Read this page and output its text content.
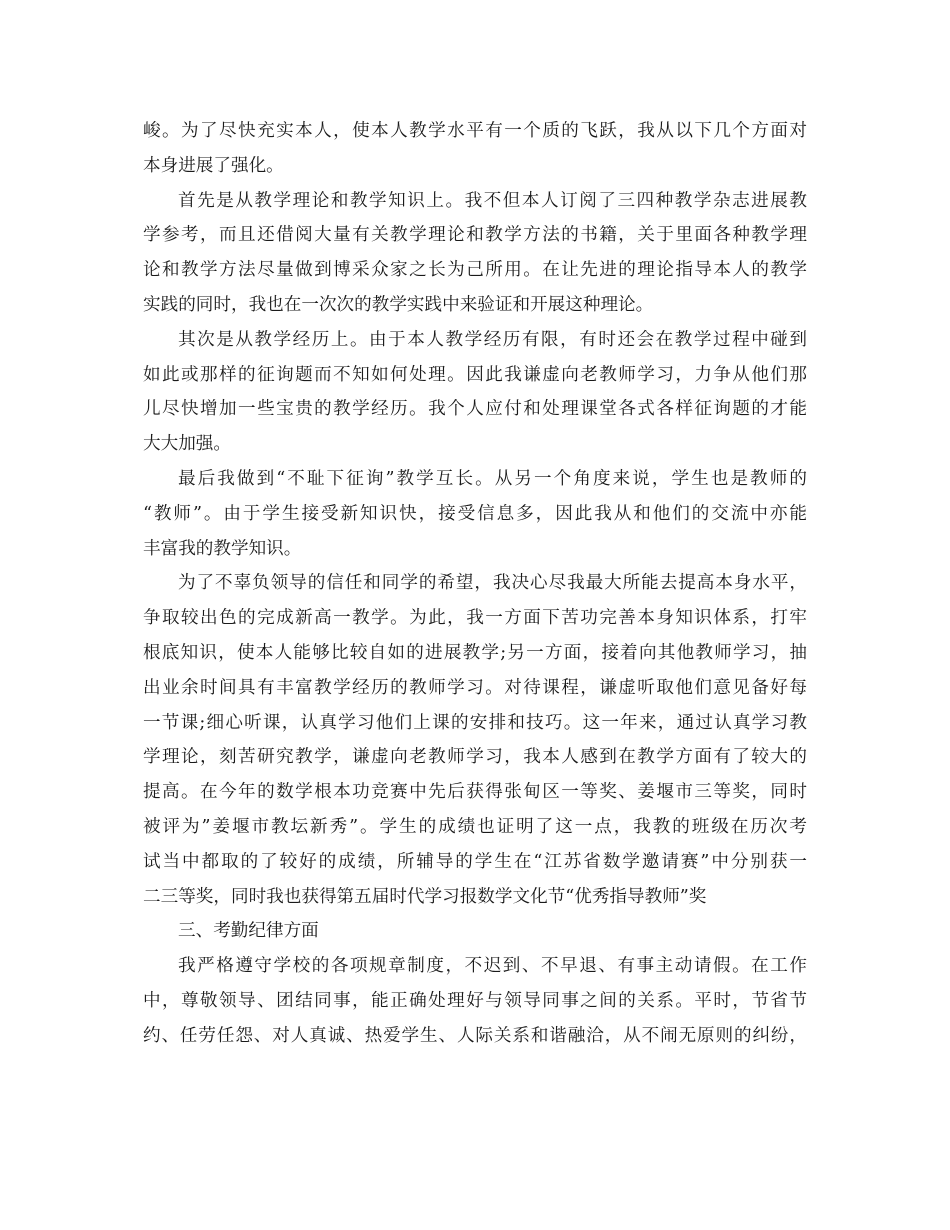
峻。为了尽快充实本人，使本人教学水平有一个质的飞跃，我从以下几个方面对
本身进展了强化。
首先是从教学理论和教学知识上。我不但本人订阅了三四种教学杂志进展教
学参考，而且还借阅大量有关教学理论和教学方法的书籍，关于里面各种教学理
论和教学方法尽量做到博采众家之长为己所用。在让先进的理论指导本人的教学
实践的同时，我也在一次次的教学实践中来验证和开展这种理论。
其次是从教学经历上。由于本人教学经历有限，有时还会在教学过程中碰到
如此或那样的征询题而不知如何处理。因此我谦虚向老教师学习，力争从他们那
儿尽快增加一些宝贵的教学经历。我个人应付和处理课堂各式各样征询题的才能
大大加强。
最后我做到“不耻下征询”教学互长。从另一个角度来说，学生也是教师的
“教师”。由于学生接受新知识快，接受信息多，因此我从和他们的交流中亦能
丰富我的教学知识。
为了不辜负领导的信任和同学的希望，我决心尽我最大所能去提高本身水平，
争取较出色的完成新高一教学。为此，我一方面下苦功完善本身知识体系，打牢
根底知识，使本人能够比较自如的进展教学;另一方面，接着向其他教师学习，抽
出业余时间具有丰富教学经历的教师学习。对待课程，谦虚听取他们意见备好每
一节课;细心听课，认真学习他们上课的安排和技巧。这一年来，通过认真学习教
学理论，刻苦研究教学，谦虚向老教师学习，我本人感到在教学方面有了较大的
提高。在今年的数学根本功竞赛中先后获得张甸区一等奖、姜堰市三等奖，同时
被评为”姜堰市教坛新秀”。学生的成绩也证明了这一点，我教的班级在历次考
试当中都取的了较好的成绩，所辅导的学生在“江苏省数学邀请赛”中分别获一
二三等奖，同时我也获得第五届时代学习报数学文化节“优秀指导教师”奖
三、考勤纪律方面
我严格遵守学校的各项规章制度，不迟到、不早退、有事主动请假。在工作
中，尊敬领导、团结同事，能正确处理好与领导同事之间的关系。平时，节省节
约、任劳任怨、对人真诚、热爱学生、人际关系和谐融洽，从不闹无原则的纠纷，
